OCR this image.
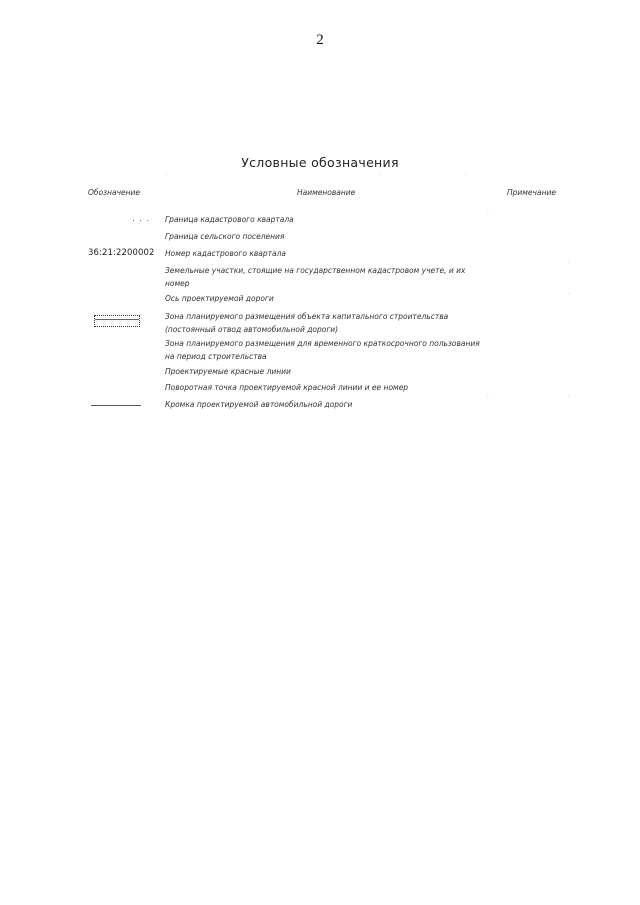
2
Условные обозначения
Обозначение	Наименование	Примечание
. . . Граница кадастрового квартала
Граница сельского поселения
36:21:2200002 Номер кадастрового квартала
Земельные участки, стоящие на государственном кадастровом учете, и их номер
Ось проектируемой дороги
Зона планируемого размещения объекта капитального строительства (постоянный отвод автомобильной дороги)
Зона планируемого размещения для временного краткосрочного пользования на период строительства
Проектируемые красные линии
Поворотная точка проектируемой красной линии и ее номер
Кромка проектируемой автомобильной дороги
.	.	.
.
.
.
.	.
